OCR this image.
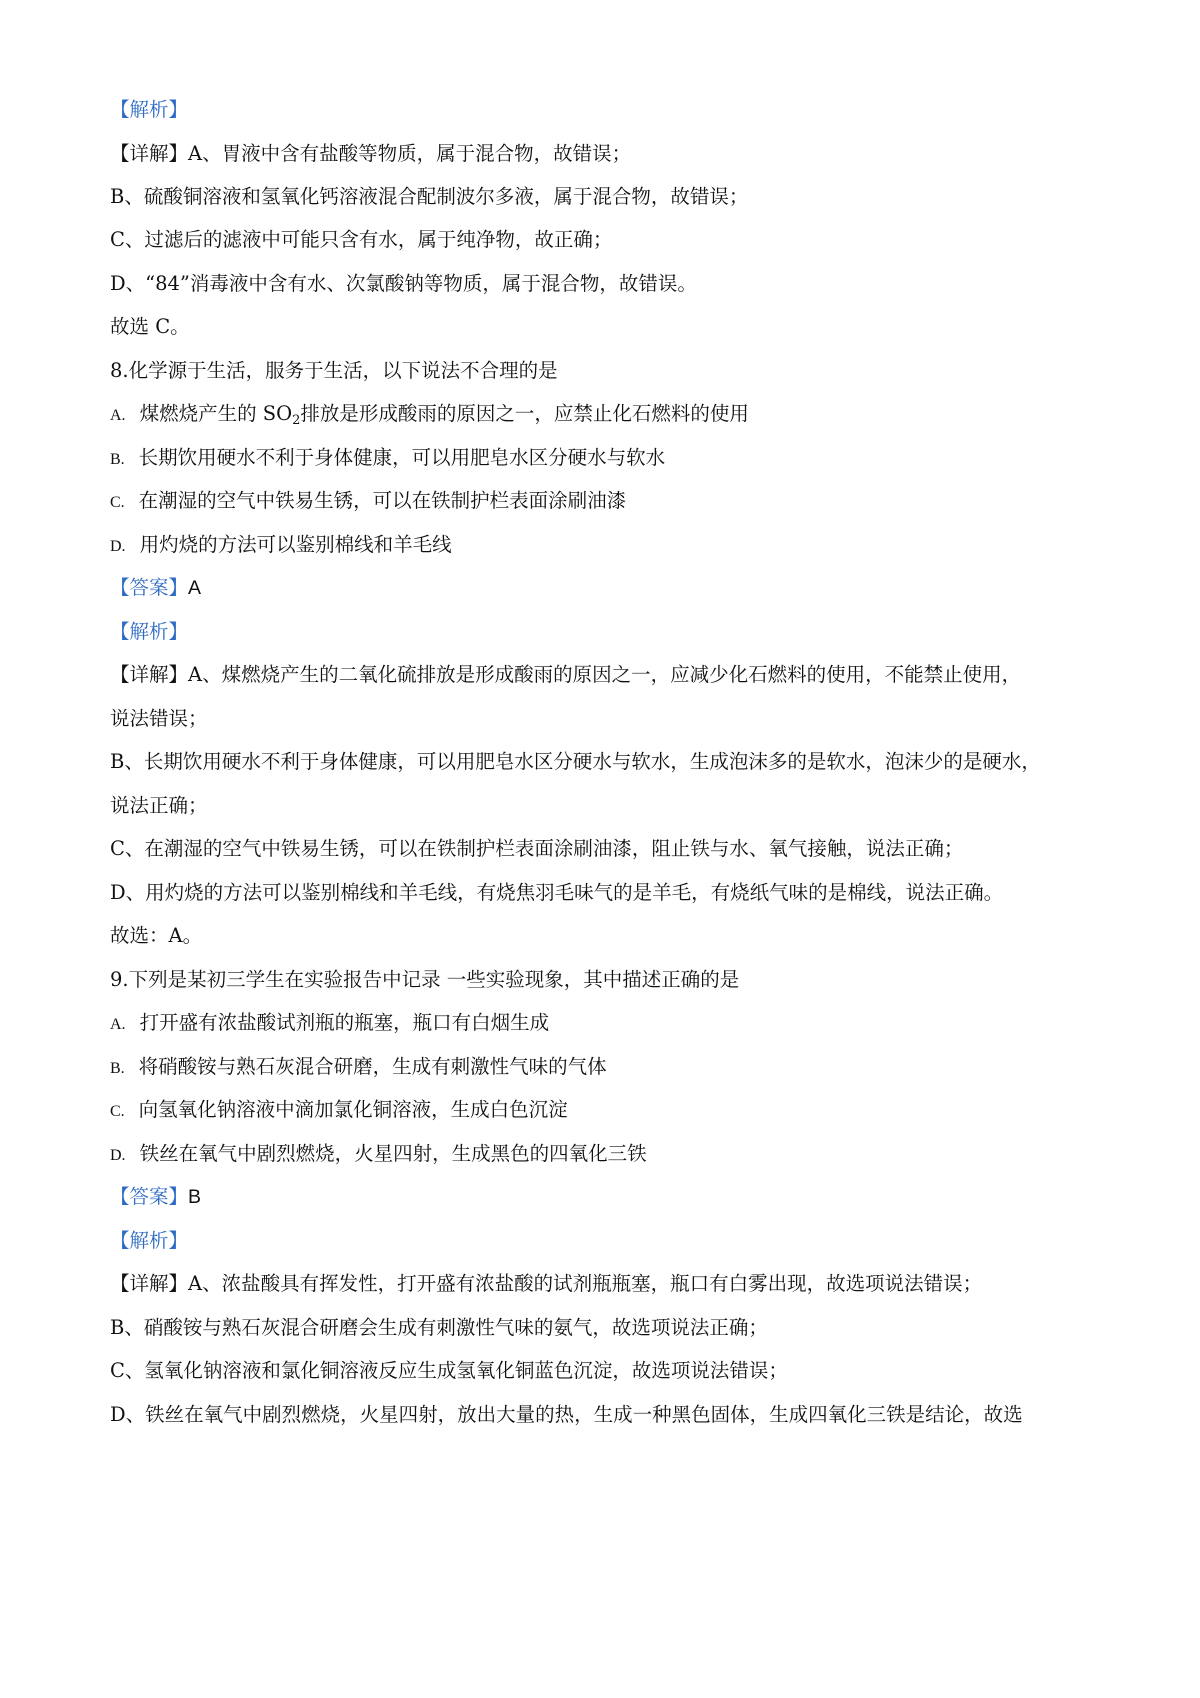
【解析】
【详解】A、胃液中含有盐酸等物质，属于混合物，故错误；
B、硫酸铜溶液和氢氧化钙溶液混合配制波尔多液，属于混合物，故错误；
C、过滤后的滤液中可能只含有水，属于纯净物，故正确；
D、“84”消毒液中含有水、次氯酸钠等物质，属于混合物，故错误。
故选 C。
8.化学源于生活，服务于生活，以下说法不合理的是
A. 煤燃烧产生的 $SO_2$排放是形成酸雨的原因之一，应禁止化石燃料的使用
B. 长期饮用硬水不利于身体健康，可以用肥皂水区分硬水与软水
C. 在潮湿的空气中铁易生锈，可以在铁制护栏表面涂刷油漆
D. 用灼烧的方法可以鉴别棉线和羊毛线
【答案】A
【解析】
【详解】A、煤燃烧产生的二氧化硫排放是形成酸雨的原因之一，应减少化石燃料的使用，不能禁止使用，
说法错误；
B、长期饮用硬水不利于身体健康，可以用肥皂水区分硬水与软水，生成泡沫多的是软水，泡沫少的是硬水，
说法正确；
C、在潮湿的空气中铁易生锈，可以在铁制护栏表面涂刷油漆，阻止铁与水、氧气接触，说法正确；
D、用灼烧的方法可以鉴别棉线和羊毛线，有烧焦羽毛味气的是羊毛，有烧纸气味的是棉线，说法正确。
故选：A。
9.下列是某初三学生在实验报告中记录 一些实验现象，其中描述正确的是
A. 打开盛有浓盐酸试剂瓶的瓶塞，瓶口有白烟生成
B. 将硝酸铵与熟石灰混合研磨，生成有刺激性气味的气体
C. 向氢氧化钠溶液中滴加氯化铜溶液，生成白色沉淀
D. 铁丝在氧气中剧烈燃烧，火星四射，生成黑色的四氧化三铁
【答案】B
【解析】
【详解】A、浓盐酸具有挥发性，打开盛有浓盐酸的试剂瓶瓶塞，瓶口有白雾出现，故选项说法错误；
B、硝酸铵与熟石灰混合研磨会生成有刺激性气味的氨气，故选项说法正确；
C、氢氧化钠溶液和氯化铜溶液反应生成氢氧化铜蓝色沉淀，故选项说法错误；
D、铁丝在氧气中剧烈燃烧，火星四射，放出大量的热，生成一种黑色固体，生成四氧化三铁是结论，故选
